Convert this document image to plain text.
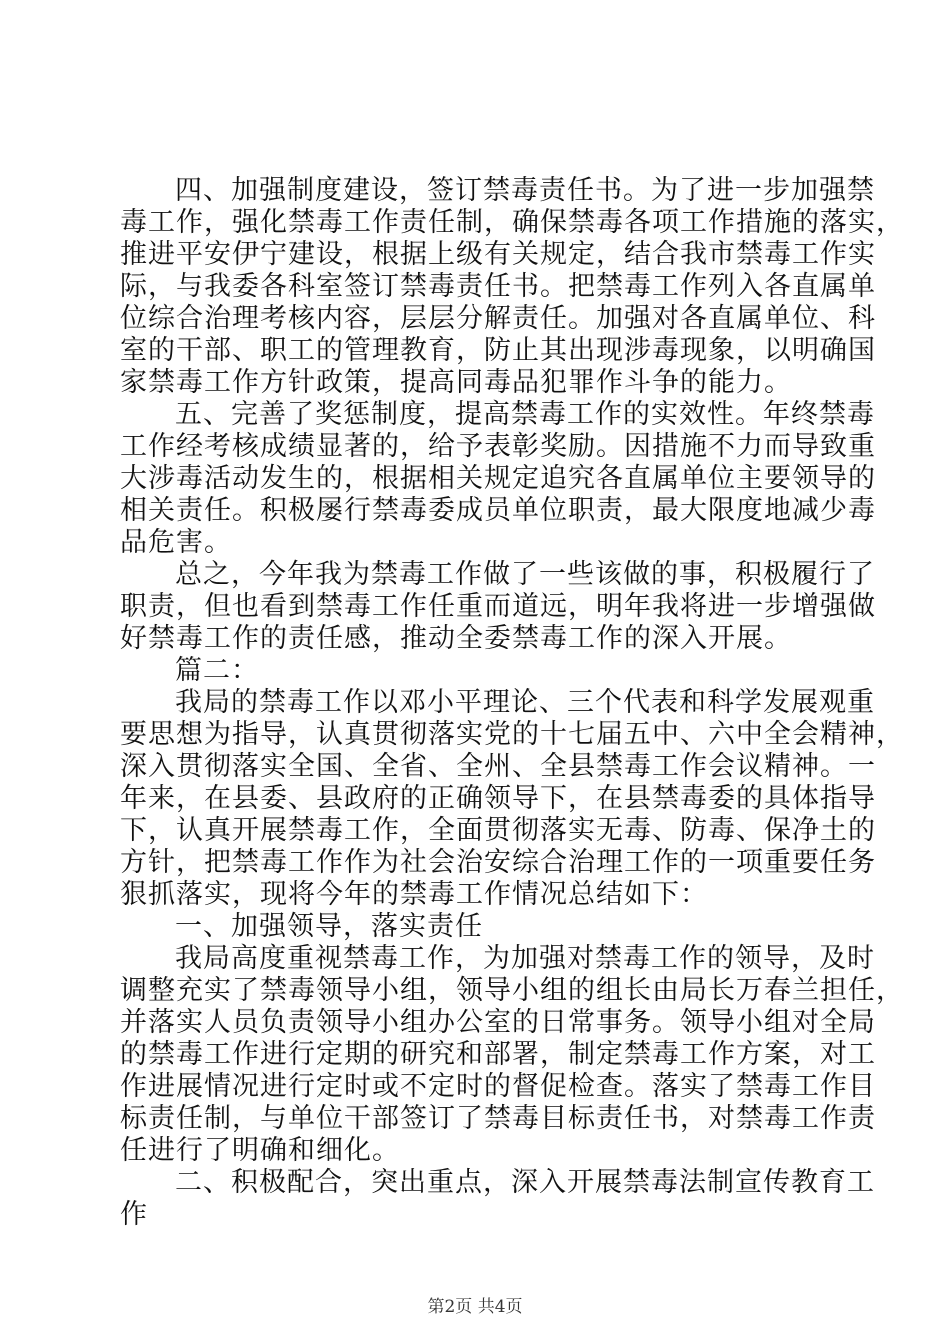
四、加强制度建设，签订禁毒责任书。为了进一步加强禁
毒工作，强化禁毒工作责任制，确保禁毒各项工作措施的落实，
推进平安伊宁建设，根据上级有关规定，结合我市禁毒工作实
际，与我委各科室签订禁毒责任书。把禁毒工作列入各直属单
位综合治理考核内容，层层分解责任。加强对各直属单位、科
室的干部、职工的管理教育，防止其出现涉毒现象，以明确国
家禁毒工作方针政策，提高同毒品犯罪作斗争的能力。
五、完善了奖惩制度，提高禁毒工作的实效性。年终禁毒
工作经考核成绩显著的，给予表彰奖励。因措施不力而导致重
大涉毒活动发生的，根据相关规定追究各直属单位主要领导的
相关责任。积极屡行禁毒委成员单位职责，最大限度地减少毒
品危害。
总之，今年我为禁毒工作做了一些该做的事，积极履行了
职责，但也看到禁毒工作任重而道远，明年我将进一步增强做
好禁毒工作的责任感，推动全委禁毒工作的深入开展。
篇二：
我局的禁毒工作以邓小平理论、三个代表和科学发展观重
要思想为指导，认真贯彻落实党的十七届五中、六中全会精神，
深入贯彻落实全国、全省、全州、全县禁毒工作会议精神。一
年来，在县委、县政府的正确领导下，在县禁毒委的具体指导
下，认真开展禁毒工作，全面贯彻落实无毒、防毒、保净土的
方针，把禁毒工作作为社会治安综合治理工作的一项重要任务
狠抓落实，现将今年的禁毒工作情况总结如下：
一、加强领导，落实责任
我局高度重视禁毒工作，为加强对禁毒工作的领导，及时
调整充实了禁毒领导小组，领导小组的组长由局长万春兰担任，
并落实人员负责领导小组办公室的日常事务。领导小组对全局
的禁毒工作进行定期的研究和部署，制定禁毒工作方案，对工
作进展情况进行定时或不定时的督促检查。落实了禁毒工作目
标责任制，与单位干部签订了禁毒目标责任书，对禁毒工作责
任进行了明确和细化。
二、积极配合，突出重点，深入开展禁毒法制宣传教育工
作
第2页 共4页
